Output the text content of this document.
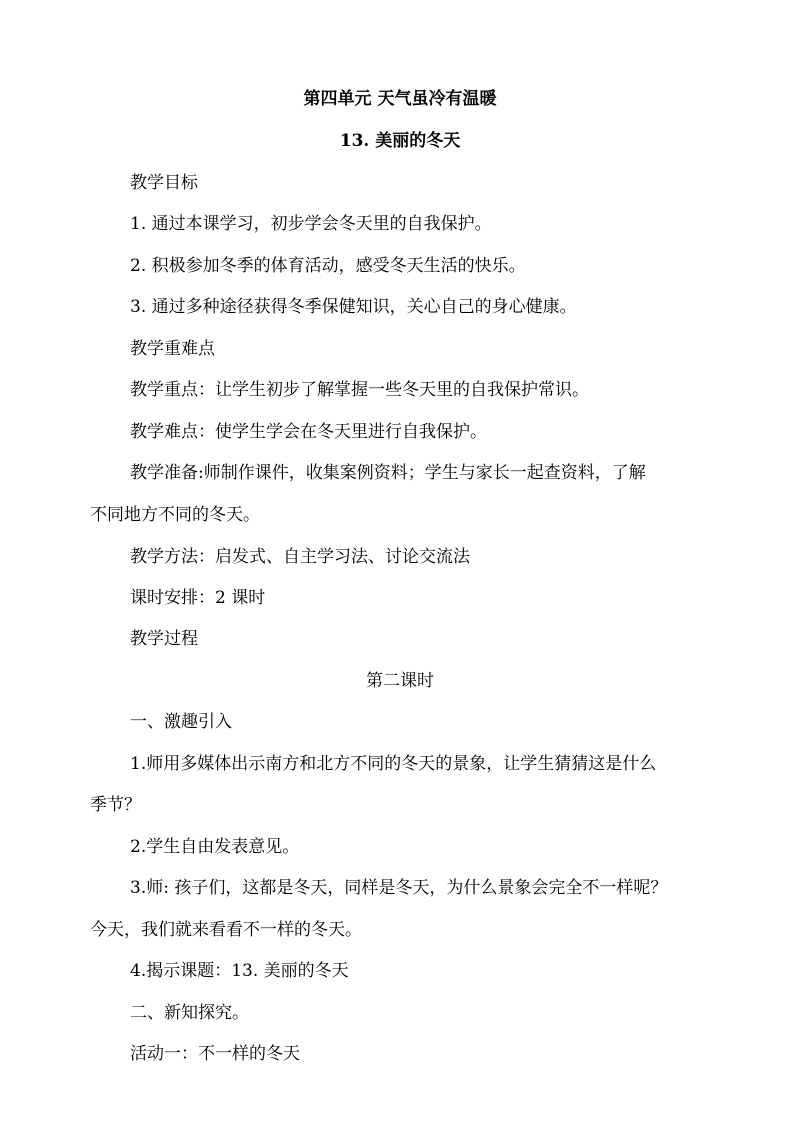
第四单元 天气虽冷有温暖
13. 美丽的冬天
教学目标
1. 通过本课学习，初步学会冬天里的自我保护。
2. 积极参加冬季的体育活动，感受冬天生活的快乐。
3. 通过多种途径获得冬季保健知识，关心自己的身心健康。
教学重难点
教学重点：让学生初步了解掌握一些冬天里的自我保护常识。
教学难点：使学生学会在冬天里进行自我保护。
教学准备:师制作课件，收集案例资料；学生与家长一起查资料，了解
不同地方不同的冬天。
教学方法：启发式、自主学习法、讨论交流法
课时安排：2 课时
教学过程
第二课时
一、激趣引入
1.师用多媒体出示南方和北方不同的冬天的景象，让学生猜猜这是什么
季节？
2.学生自由发表意见。
3.师: 孩子们，这都是冬天，同样是冬天，为什么景象会完全不一样呢？
今天，我们就来看看不一样的冬天。
4.揭示课题：13. 美丽的冬天
二、新知探究。
活动一：不一样的冬天
